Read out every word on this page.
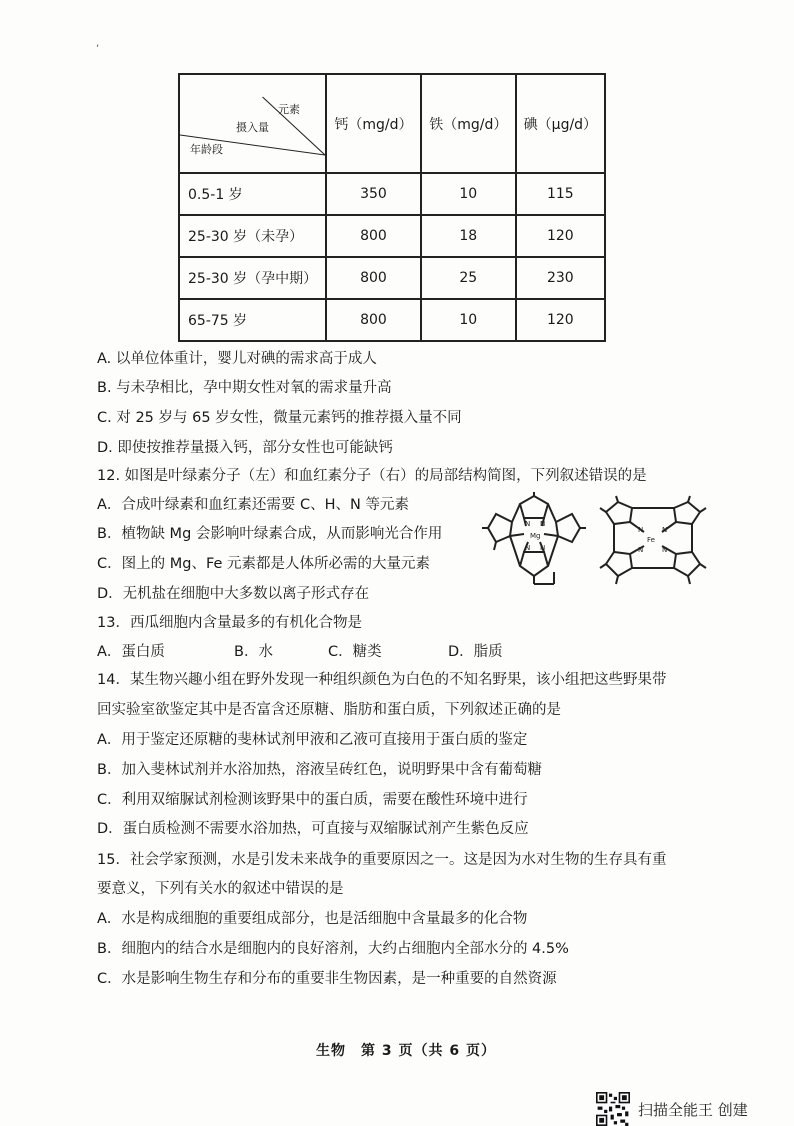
,
元素
摄入量
年龄段	钙（mg/d）	铁（mg/d）	碘（μg/d）
0.5-1 岁	350	10	115
25-30 岁（未孕）	800	18	120
25-30 岁（孕中期）	800	25	230
65-75 岁	800	10	120
A. 以单位体重计，婴儿对碘的需求高于成人
B. 与未孕相比，孕中期女性对氧的需求量升高
C. 对 25 岁与 65 岁女性，微量元素钙的推荐摄入量不同
D. 即使按推荐量摄入钙，部分女性也可能缺钙
12. 如图是叶绿素分子（左）和血红素分子（右）的局部结构简图，下列叙述错误的是
A．合成叶绿素和血红素还需要 C、H、N 等元素
B．植物缺 Mg 会影响叶绿素合成，从而影响光合作用
C．图上的 Mg、Fe 元素都是人体所必需的大量元素
D．无机盐在细胞中大多数以离子形式存在
Mg
N N
N N
Fe
N	N
N	N
13．西瓜细胞内含量最多的有机化合物是
A．蛋白质	B．水	C．糖类	D．脂质
14．某生物兴趣小组在野外发现一种组织颜色为白色的不知名野果，该小组把这些野果带
回实验室欲鉴定其中是否富含还原糖、脂肪和蛋白质，下列叙述正确的是
A．用于鉴定还原糖的斐林试剂甲液和乙液可直接用于蛋白质的鉴定
B．加入斐林试剂并水浴加热，溶液呈砖红色，说明野果中含有葡萄糖
C．利用双缩脲试剂检测该野果中的蛋白质，需要在酸性环境中进行
D．蛋白质检测不需要水浴加热，可直接与双缩脲试剂产生紫色反应
15．社会学家预测，水是引发未来战争的重要原因之一。这是因为水对生物的生存具有重
要意义，下列有关水的叙述中错误的是
A．水是构成细胞的重要组成部分，也是活细胞中含量最多的化合物
B．细胞内的结合水是细胞内的良好溶剂，大约占细胞内全部水分的 4.5%
C．水是影响生物生存和分布的重要非生物因素，是一种重要的自然资源
生物　第 3 页（共 6 页）
扫描全能王 创建
